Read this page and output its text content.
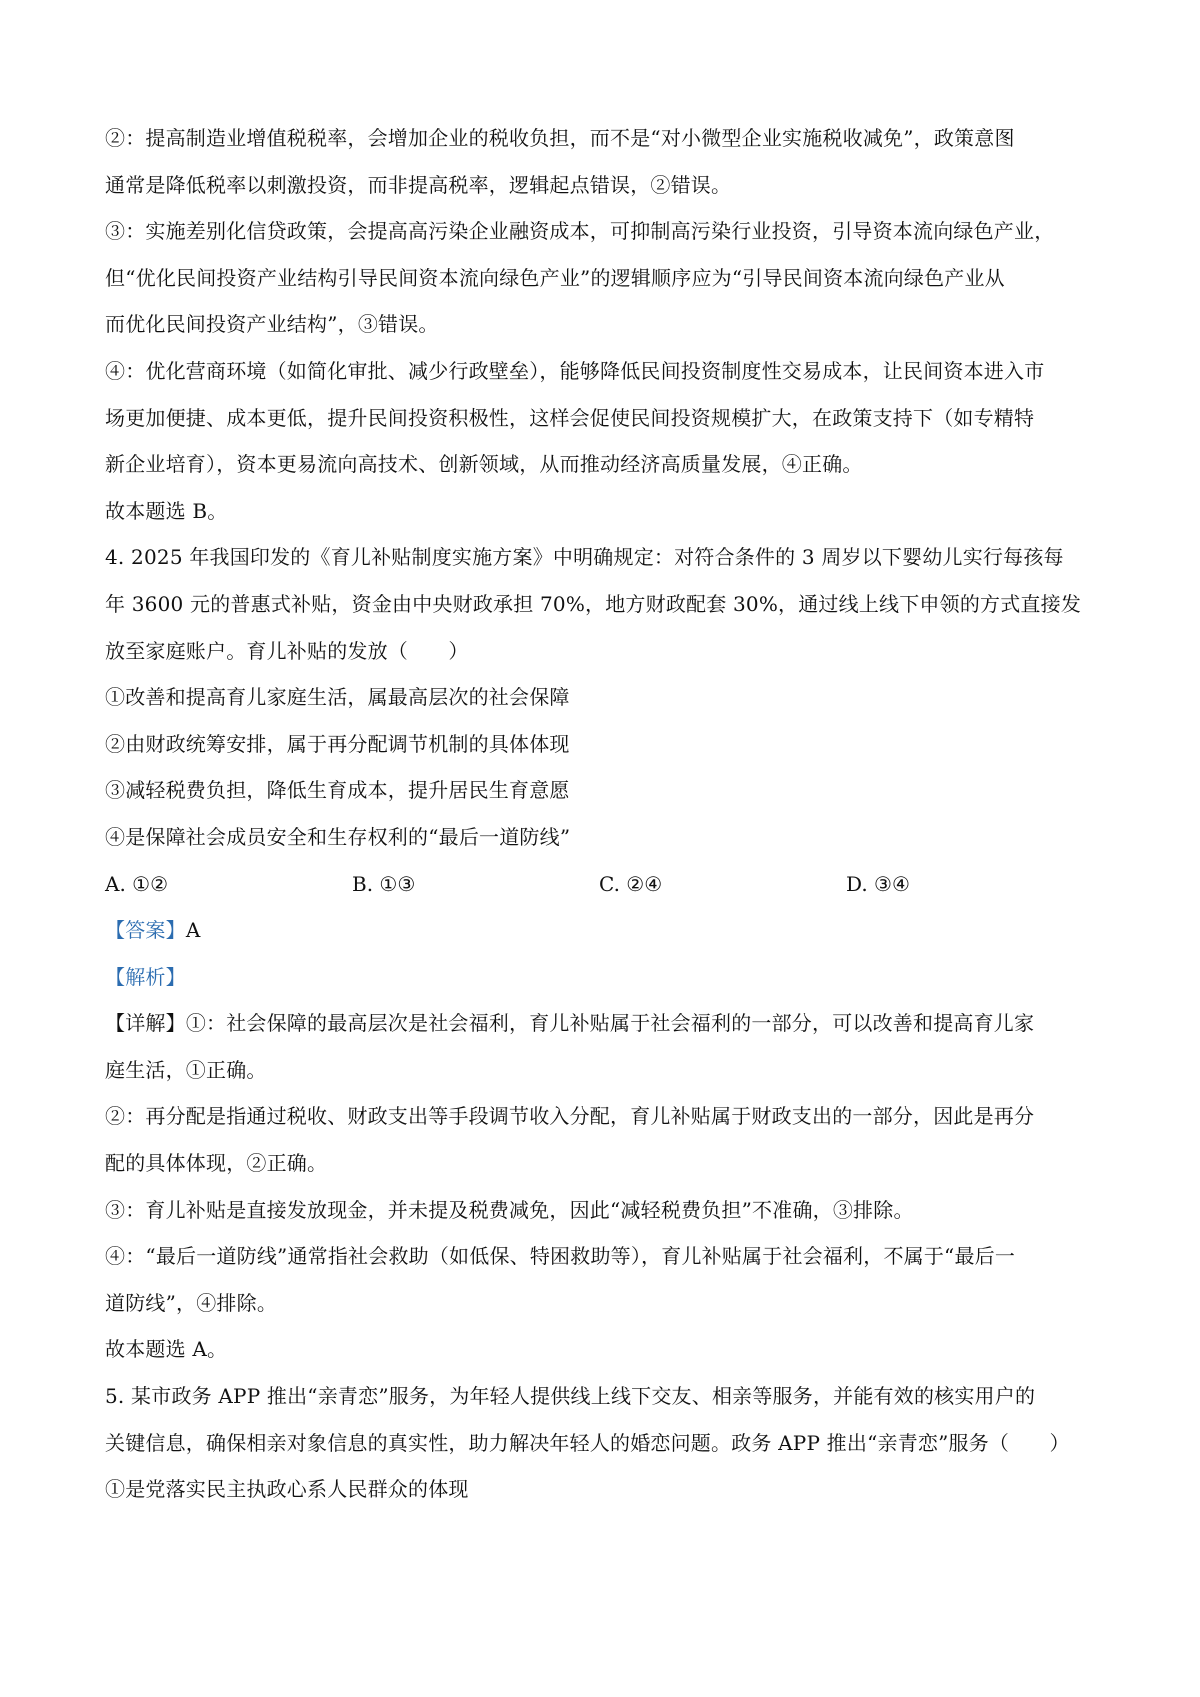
②：提高制造业增值税税率，会增加企业的税收负担，而不是“对小微型企业实施税收减免”，政策意图
通常是降低税率以刺激投资，而非提高税率，逻辑起点错误，②错误。
③：实施差别化信贷政策，会提高高污染企业融资成本，可抑制高污染行业投资，引导资本流向绿色产业，
但“优化民间投资产业结构引导民间资本流向绿色产业”的逻辑顺序应为“引导民间资本流向绿色产业从
而优化民间投资产业结构”，③错误。
④：优化营商环境（如简化审批、减少行政壁垒），能够降低民间投资制度性交易成本，让民间资本进入市
场更加便捷、成本更低，提升民间投资积极性，这样会促使民间投资规模扩大，在政策支持下（如专精特
新企业培育），资本更易流向高技术、创新领域，从而推动经济高质量发展，④正确。
故本题选 B。
4. 2025 年我国印发的《育儿补贴制度实施方案》中明确规定：对符合条件的 3 周岁以下婴幼儿实行每孩每
年 3600 元的普惠式补贴，资金由中央财政承担 70%，地方财政配套 30%，通过线上线下申领的方式直接发
放至家庭账户。育儿补贴的发放（　　）
①改善和提高育儿家庭生活，属最高层次的社会保障
②由财政统筹安排，属于再分配调节机制的具体体现
③减轻税费负担，降低生育成本，提升居民生育意愿
④是保障社会成员安全和生存权利的“最后一道防线”
A. ①②	B. ①③	C. ②④	D. ③④
【答案】A
【解析】
【详解】①：社会保障的最高层次是社会福利，育儿补贴属于社会福利的一部分，可以改善和提高育儿家
庭生活，①正确。
②：再分配是指通过税收、财政支出等手段调节收入分配，育儿补贴属于财政支出的一部分，因此是再分
配的具体体现，②正确。
③：育儿补贴是直接发放现金，并未提及税费减免，因此“减轻税费负担”不准确，③排除。
④：“最后一道防线”通常指社会救助（如低保、特困救助等），育儿补贴属于社会福利，不属于“最后一
道防线”，④排除。
故本题选 A。
5. 某市政务 APP 推出“亲青恋”服务，为年轻人提供线上线下交友、相亲等服务，并能有效的核实用户的
关键信息，确保相亲对象信息的真实性，助力解决年轻人的婚恋问题。政务 APP 推出“亲青恋”服务（　　）
①是党落实民主执政心系人民群众的体现
